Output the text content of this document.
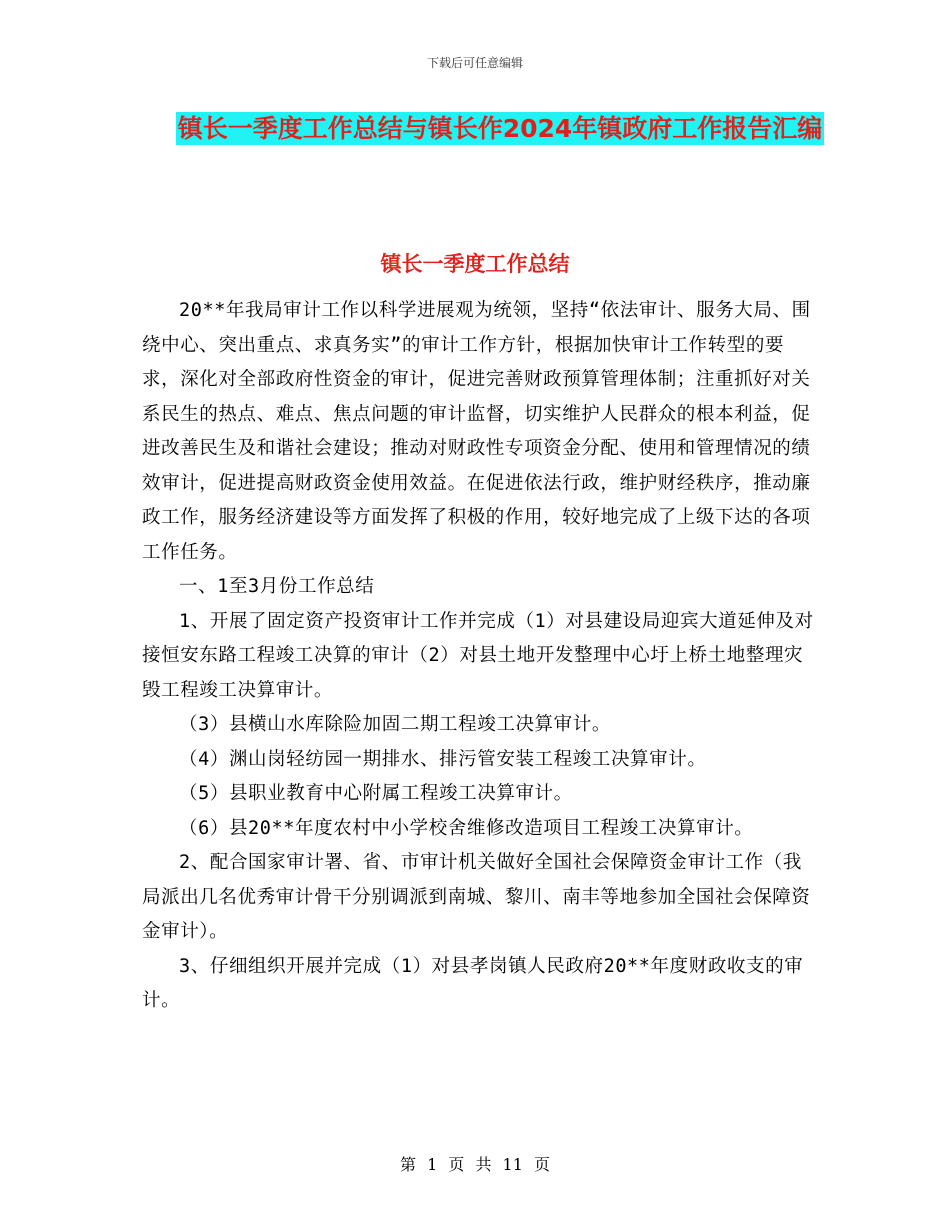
下载后可任意编辑
镇长一季度工作总结与镇长作2024年镇政府工作报告汇编
镇长一季度工作总结

20**年我局审计工作以科学进展观为统领，坚持“依法审计、服务大局、围绕中心、突出重点、求真务实”的审计工作方针，根据加快审计工作转型的要求，深化对全部政府性资金的审计，促进完善财政预算管理体制；注重抓好对关系民生的热点、难点、焦点问题的审计监督，切实维护人民群众的根本利益，促进改善民生及和谐社会建设；推动对财政性专项资金分配、使用和管理情况的绩效审计，促进提高财政资金使用效益。在促进依法行政，维护财经秩序，推动廉政工作，服务经济建设等方面发挥了积极的作用，较好地完成了上级下达的各项工作任务。

一、1至3月份工作总结

1、开展了固定资产投资审计工作并完成（1）对县建设局迎宾大道延伸及对接恒安东路工程竣工决算的审计（2）对县土地开发整理中心圩上桥土地整理灾毁工程竣工决算审计。

（3）县横山水库除险加固二期工程竣工决算审计。

（4）渊山岗轻纺园一期排水、排污管安装工程竣工决算审计。

（5）县职业教育中心附属工程竣工决算审计。

（6）县20**年度农村中小学校舍维修改造项目工程竣工决算审计。

2、配合国家审计署、省、市审计机关做好全国社会保障资金审计工作（我局派出几名优秀审计骨干分别调派到南城、黎川、南丰等地参加全国社会保障资金审计）。

3、仔细组织开展并完成（1）对县孝岗镇人民政府20**年度财政收支的审计。

第 1 页 共 11 页
